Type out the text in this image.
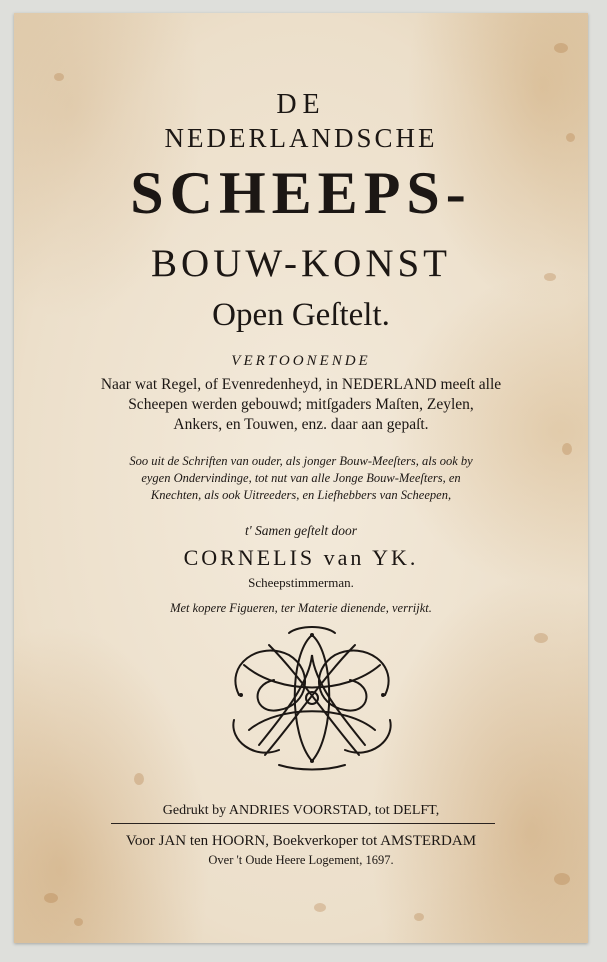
DE
NEDERLANDSCHE
SCHEEPS-
BOUW-KONST
Open Geſtelt.
VERTOONENDE
Naar wat Regel, of Evenredenheyd, in NEDERLAND meeſt alle
Scheepen werden gebouwd; mitſgaders Maſten, Zeylen,
Ankers, en Touwen, enz. daar aan gepaſt.
Soo uit de Schriften van ouder, als jonger Bouw-Meeſters, als ook by
eygen Ondervindinge, tot nut van alle Jonge Bouw-Meeſters, en
Knechten, als ook Uitreeders, en Liefhebbers van Scheepen,
t' Samen geſtelt door
CORNELIS van YK.
Scheepstimmerman.
Met kopere Figueren, ter Materie dienende, verrijkt.
Gedrukt by ANDRIES VOORSTAD, tot DELFT,
Voor JAN ten HOORN, Boekverkoper tot AMSTERDAM
Over 't Oude Heere Logement, 1697.
